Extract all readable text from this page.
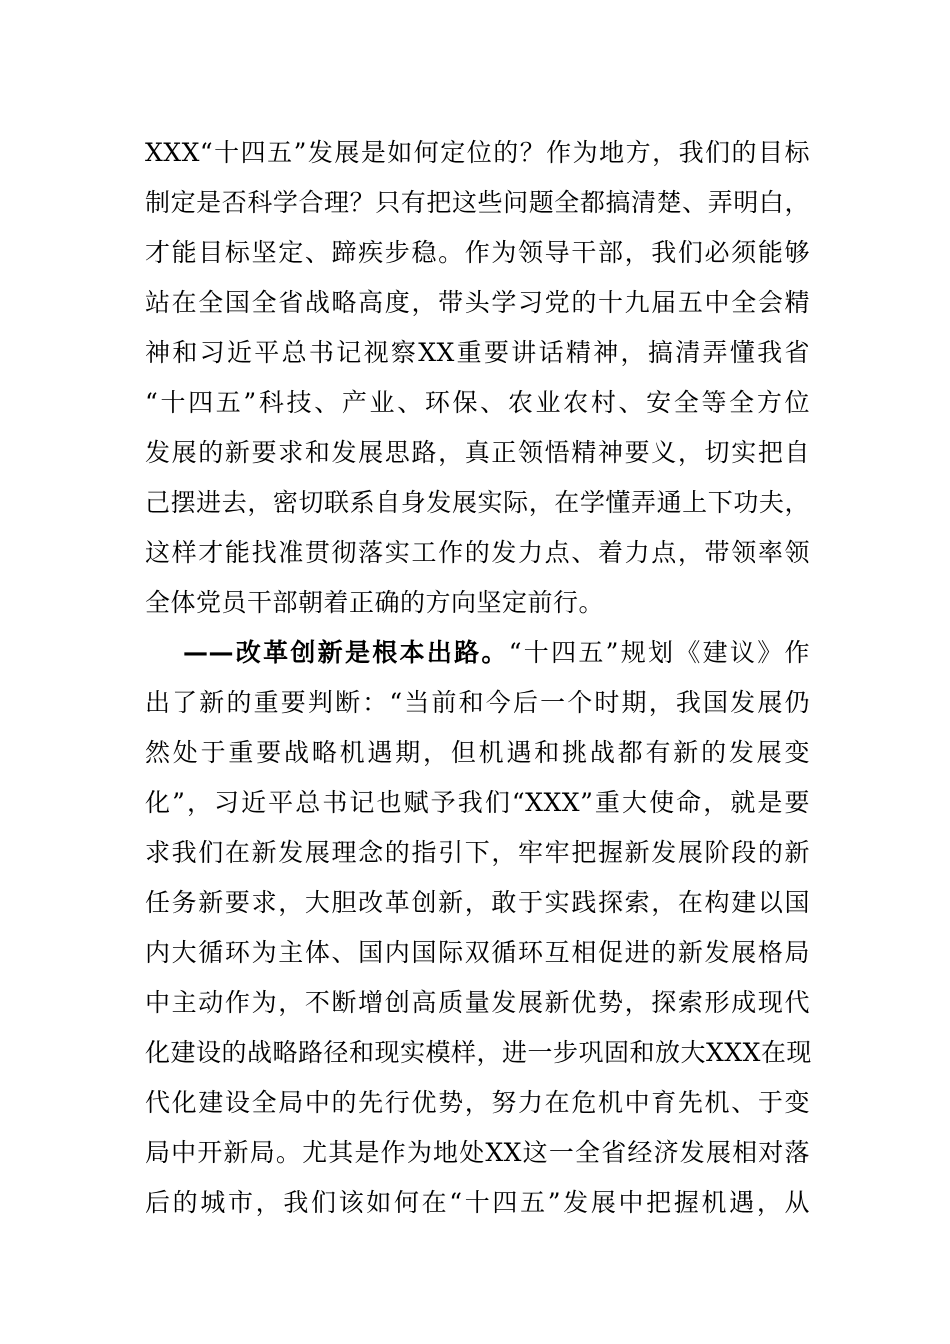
XXX“十四五”发展是如何定位的？作为地方，我们的目标
制定是否科学合理？只有把这些问题全都搞清楚、弄明白，
才能目标坚定、蹄疾步稳。作为领导干部，我们必须能够
站在全国全省战略高度，带头学习党的十九届五中全会精
神和习近平总书记视察XX重要讲话精神，搞清弄懂我省
“十四五”科技、产业、环保、农业农村、安全等全方位
发展的新要求和发展思路，真正领悟精神要义，切实把自
己摆进去，密切联系自身发展实际，在学懂弄通上下功夫，
这样才能找准贯彻落实工作的发力点、着力点，带领率领
全体党员干部朝着正确的方向坚定前行。
——改革创新是根本出路。“十四五”规划《建议》作
出了新的重要判断：“当前和今后一个时期，我国发展仍
然处于重要战略机遇期，但机遇和挑战都有新的发展变
化”，习近平总书记也赋予我们“XXX”重大使命，就是要
求我们在新发展理念的指引下，牢牢把握新发展阶段的新
任务新要求，大胆改革创新，敢于实践探索，在构建以国
内大循环为主体、国内国际双循环互相促进的新发展格局
中主动作为，不断增创高质量发展新优势，探索形成现代
化建设的战略路径和现实模样，进一步巩固和放大XXX在现
代化建设全局中的先行优势，努力在危机中育先机、于变
局中开新局。尤其是作为地处XX这一全省经济发展相对落
后的城市，我们该如何在“十四五”发展中把握机遇，从
